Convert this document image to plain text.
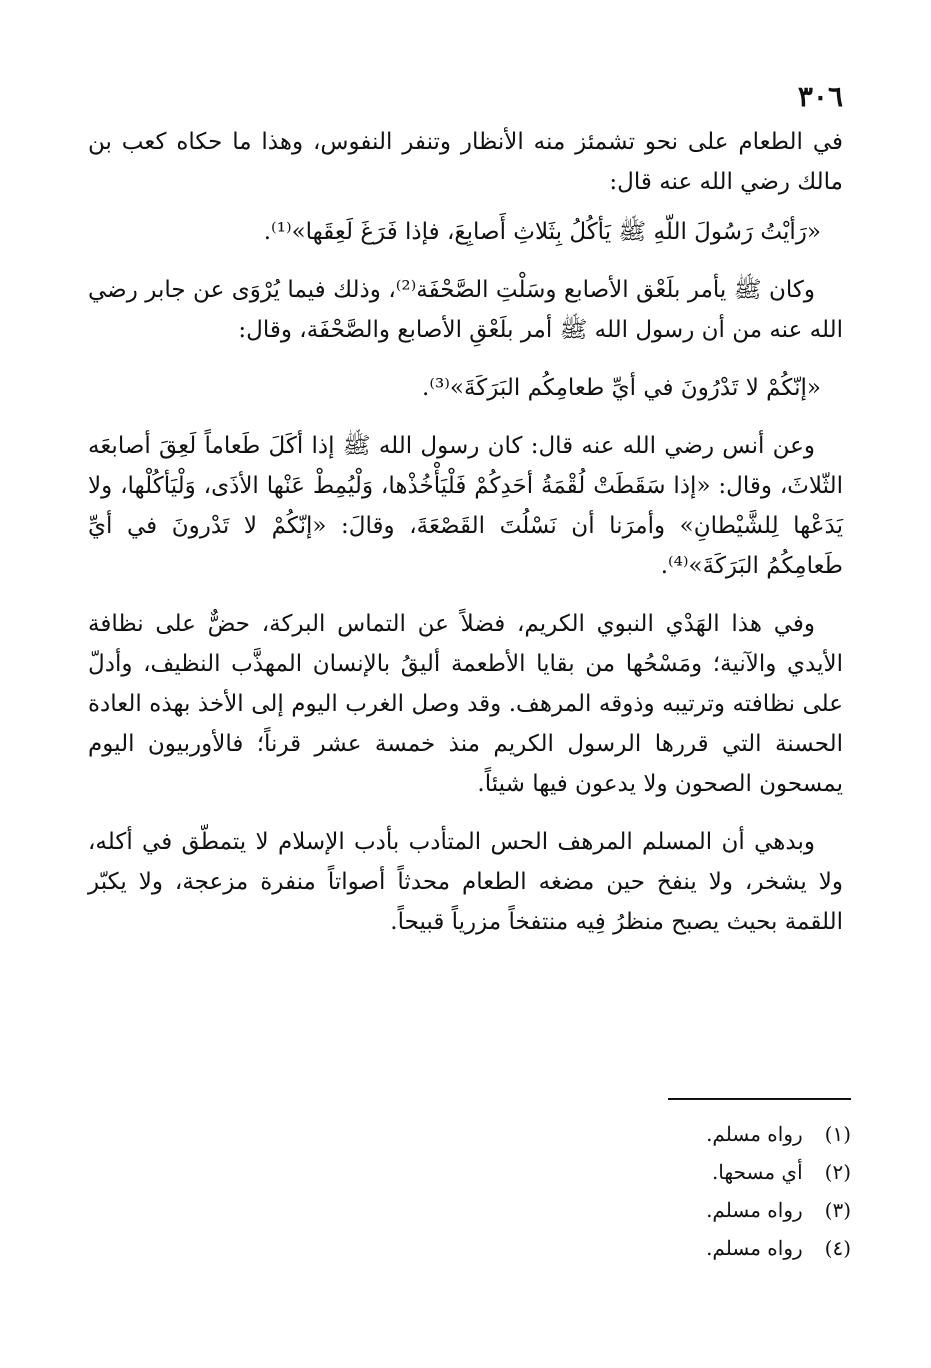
٣٠٦

في الطعام على نحو تشمئز منه الأنظار وتنفر النفوس، وهذا ما حكاه كعب بن مالك رضي الله عنه قال:

«رَأيْتُ رَسُولَ اللّهِ ﷺ يَأكُلُ بِثَلاثِ أَصابِعَ، فإذا فَرَغَ لَعِقَها»⁽¹⁾.

وكان ﷺ يأمر بلَعْق الأصابع وسَلْتِ الصَّحْفَة⁽²⁾، وذلك فيما يُرْوَى عن جابر رضي الله عنه من أن رسول الله ﷺ أمر بلَعْقِ الأصابع والصَّحْفَة، وقال:

«إنّكُمْ لا تَدْرُونَ في أيِّ طعامِكُم البَرَكَةَ»⁽³⁾.

وعن أنس رضي الله عنه قال: كان رسول الله ﷺ إذا أكَلَ طَعاماً لَعِقَ أصابعَه الثّلاثَ، وقال: «إذا سَقَطَتْ لُقْمَةُ أحَدِكُمْ فَلْيَأْخُذْها، وَلْيُمِطْ عَنْها الأذَى، وَلْيَأكُلْها، ولا يَدَعْها لِلشَّيْطانِ» وأمرَنا أن نَسْلُتَ القَصْعَةَ، وقالَ: «إنّكُمْ لا تَدْرونَ في أيِّ طَعامِكُمُ البَرَكَةَ»⁽⁴⁾.

وفي هذا الهَدْي النبوي الكريم، فضلاً عن التماس البركة، حضٌّ على نظافة الأيدي والآنية؛ ومَسْحُها من بقايا الأطعمة أليقُ بالإنسان المهذَّب النظيف، وأدلّ على نظافته وترتيبه وذوقه المرهف. وقد وصل الغرب اليوم إلى الأخذ بهذه العادة الحسنة التي قررها الرسول الكريم منذ خمسة عشر قرناً؛ فالأوربيون اليوم يمسحون الصحون ولا يدعون فيها شيئاً.

وبدهي أن المسلم المرهف الحس المتأدب بأدب الإسلام لا يتمطّق في أكله، ولا يشخر، ولا ينفخ حين مضغه الطعام محدثاً أصواتاً منفرة مزعجة، ولا يكبّر اللقمة بحيث يصبح منظرُ فِيه منتفخاً مزرياً قبيحاً.

(١) رواه مسلم.
(٢) أي مسحها.
(٣) رواه مسلم.
(٤) رواه مسلم.
